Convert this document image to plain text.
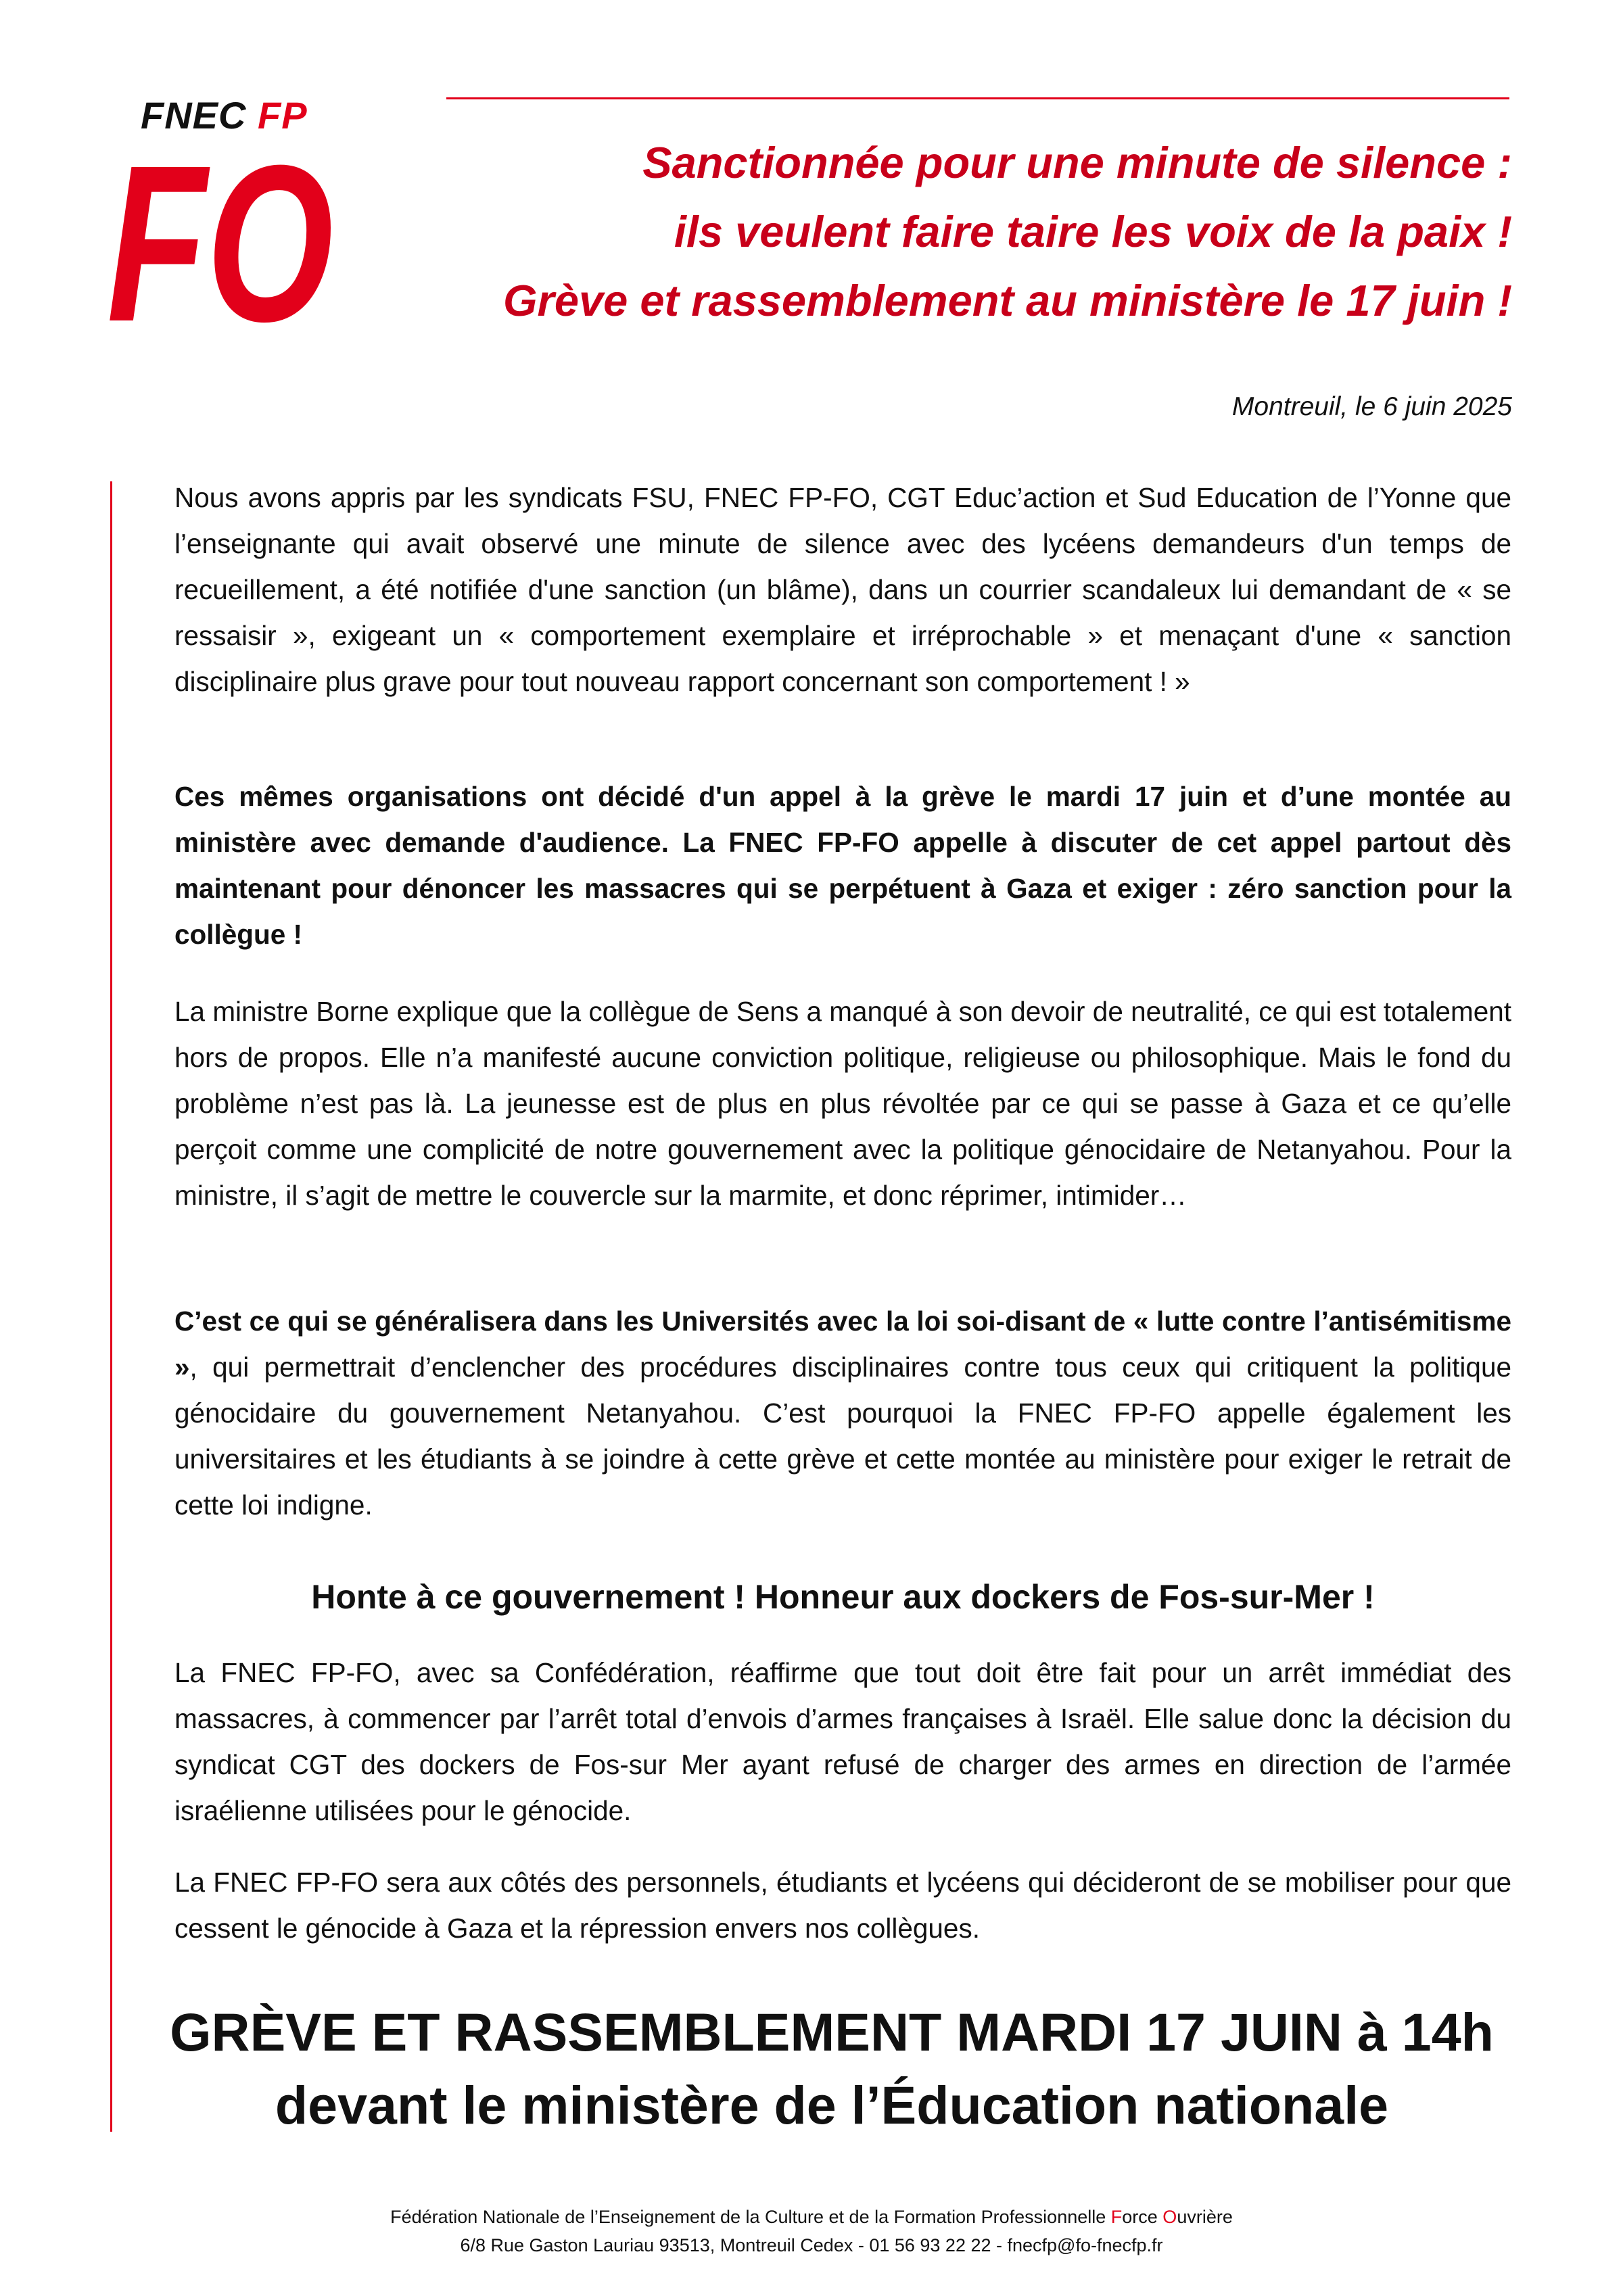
FNEC FP
FO	Sanctionnée pour une minute de silence :
ils veulent faire taire les voix de la paix !
Grève et rassemblement au ministère le 17 juin !
Montreuil, le 6 juin 2025

Nous avons appris par les syndicats FSU, FNEC FP-FO, CGT Educ’action et Sud Education de l’Yonne que l’enseignante qui avait observé une minute de silence avec des lycéens demandeurs d'un temps de recueillement, a été notifiée d'une sanction (un blâme), dans un courrier scandaleux lui demandant de « se ressaisir », exigeant un « comportement exemplaire et irréprochable » et menaçant d'une « sanction disciplinaire plus grave pour tout nouveau rapport concernant son comportement ! »

Ces mêmes organisations ont décidé d'un appel à la grève le mardi 17 juin et d’une montée au ministère avec demande d'audience. La FNEC FP-FO appelle à discuter de cet appel partout dès maintenant pour dénoncer les massacres qui se perpétuent à Gaza et exiger : zéro sanction pour la collègue !

La ministre Borne explique que la collègue de Sens a manqué à son devoir de neutralité, ce qui est totalement hors de propos. Elle n’a manifesté aucune conviction politique, religieuse ou philosophique. Mais le fond du problème n’est pas là. La jeunesse est de plus en plus révoltée par ce qui se passe à Gaza et ce qu’elle perçoit comme une complicité de notre gouvernement avec la politique génocidaire de Netanyahou. Pour la ministre, il s’agit de mettre le couvercle sur la marmite, et donc réprimer, intimider…

C’est ce qui se généralisera dans les Universités avec la loi soi-disant de « lutte contre l’antisémitisme », qui permettrait d’enclencher des procédures disciplinaires contre tous ceux qui critiquent la politique génocidaire du gouvernement Netanyahou. C’est pourquoi la FNEC FP-FO appelle également les universitaires et les étudiants à se joindre à cette grève et cette montée au ministère pour exiger le retrait de cette loi indigne.

Honte à ce gouvernement ! Honneur aux dockers de Fos-sur-Mer !

La FNEC FP-FO, avec sa Confédération, réaffirme que tout doit être fait pour un arrêt immédiat des massacres, à commencer par l’arrêt total d’envois d’armes françaises à Israël. Elle salue donc la décision du syndicat CGT des dockers de Fos-sur Mer ayant refusé de charger des armes en direction de l’armée israélienne utilisées pour le génocide.

La FNEC FP-FO sera aux côtés des personnels, étudiants et lycéens qui décideront de se mobiliser pour que cessent le génocide à Gaza et la répression envers nos collègues.

GRÈVE ET RASSEMBLEMENT MARDI 17 JUIN à 14h
devant le ministère de l’Éducation nationale
Fédération Nationale de l’Enseignement de la Culture et de la Formation Professionnelle Force Ouvrière
6/8 Rue Gaston Lauriau 93513, Montreuil Cedex - 01 56 93 22 22 - fnecfp@fo-fnecfp.fr
